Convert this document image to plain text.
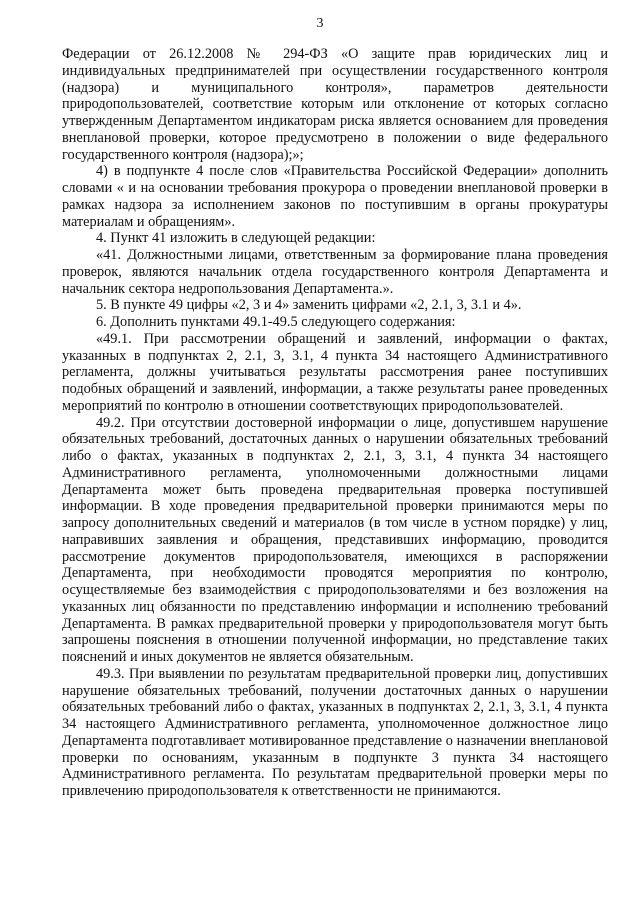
3

Федерации от 26.12.2008 № 294-ФЗ «О защите прав юридических лиц и индивидуальных предпринимателей при осуществлении государственного контроля (надзора) и муниципального контроля», параметров деятельности природопользователей, соответствие которым или отклонение от которых согласно утвержденным Департаментом индикаторам риска является основанием для проведения внеплановой проверки, которое предусмотрено в положении о виде федерального государственного контроля (надзора);»;

4) в подпункте 4 после слов «Правительства Российской Федерации» дополнить словами « и на основании требования прокурора о проведении внеплановой проверки в рамках надзора за исполнением законов по поступившим в органы прокуратуры материалам и обращениям».

4. Пункт 41 изложить в следующей редакции:

«41. Должностными лицами, ответственным за формирование плана проведения проверок, являются начальник отдела государственного контроля Департамента и начальник сектора недропользования Департамента.».

5. В пункте 49 цифры «2, 3 и 4» заменить цифрами «2, 2.1, 3, 3.1 и 4».

6. Дополнить пунктами 49.1-49.5 следующего содержания:

«49.1. При рассмотрении обращений и заявлений, информации о фактах, указанных в подпунктах 2, 2.1, 3, 3.1, 4 пункта 34 настоящего Административного регламента, должны учитываться результаты рассмотрения ранее поступивших подобных обращений и заявлений, информации, а также результаты ранее проведенных мероприятий по контролю в отношении соответствующих природопользователей.

49.2. При отсутствии достоверной информации о лице, допустившем нарушение обязательных требований, достаточных данных о нарушении обязательных требований либо о фактах, указанных в подпунктах 2, 2.1, 3, 3.1, 4 пункта 34 настоящего Административного регламента, уполномоченными должностными лицами Департамента может быть проведена предварительная проверка поступившей информации. В ходе проведения предварительной проверки принимаются меры по запросу дополнительных сведений и материалов (в том числе в устном порядке) у лиц, направивших заявления и обращения, представивших информацию, проводится рассмотрение документов природопользователя, имеющихся в распоряжении Департамента, при необходимости проводятся мероприятия по контролю, осуществляемые без взаимодействия с природопользователями и без возложения на указанных лиц обязанности по представлению информации и исполнению требований Департамента. В рамках предварительной проверки у природопользователя могут быть запрошены пояснения в отношении полученной информации, но представление таких пояснений и иных документов не является обязательным.

49.3. При выявлении по результатам предварительной проверки лиц, допустивших нарушение обязательных требований, получении достаточных данных о нарушении обязательных требований либо о фактах, указанных в подпунктах 2, 2.1, 3, 3.1, 4 пункта 34 настоящего Административного регламента, уполномоченное должностное лицо Департамента подготавливает мотивированное представление о назначении внеплановой проверки по основаниям, указанным в подпункте 3 пункта 34 настоящего Административного регламента. По результатам предварительной проверки меры по привлечению природопользователя к ответственности не принимаются.
